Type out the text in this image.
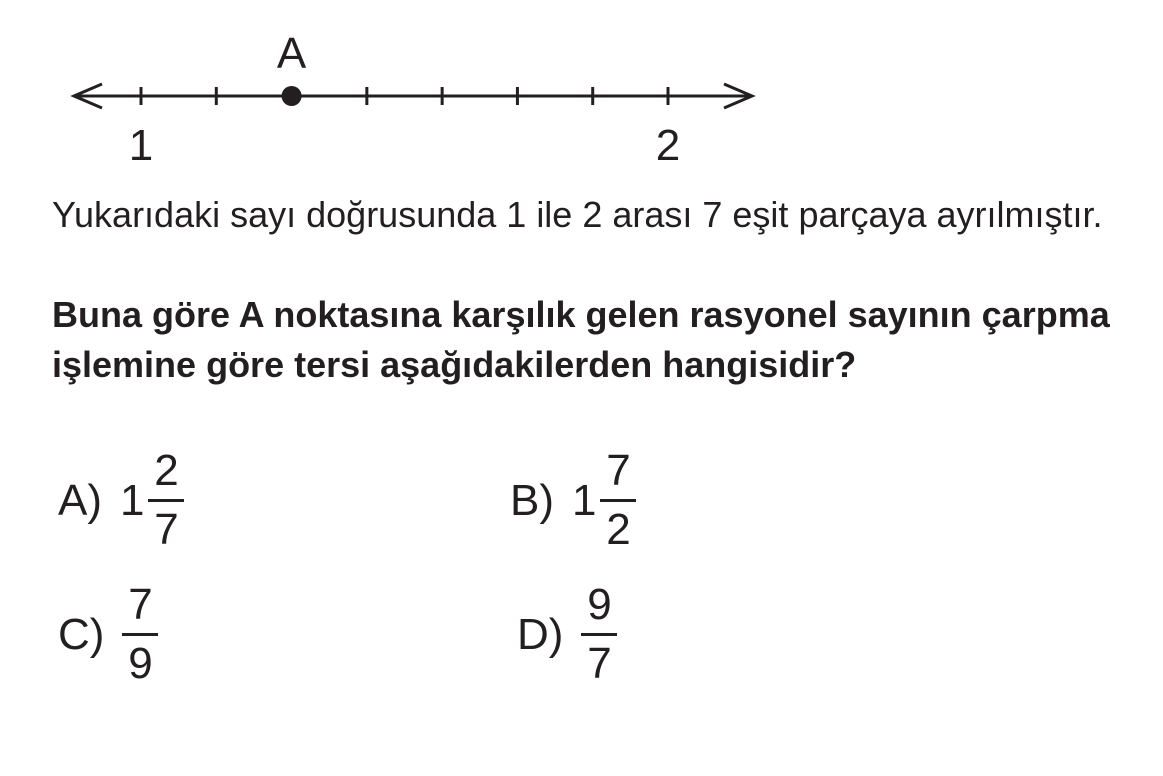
A
1	2

Yukarıdaki sayı doğrusunda 1 ile 2 arası 7 eşit parçaya ayrılmıştır.

Buna göre A noktasına karşılık gelen rasyonel sayının çarpma işlemine göre tersi aşağıdakilerden hangisidir?

A) $1 \frac{2}{7}$	B) $1 \frac{7}{2}$
$C) \frac{7}{9}$	$D) \frac{9}{7}$
